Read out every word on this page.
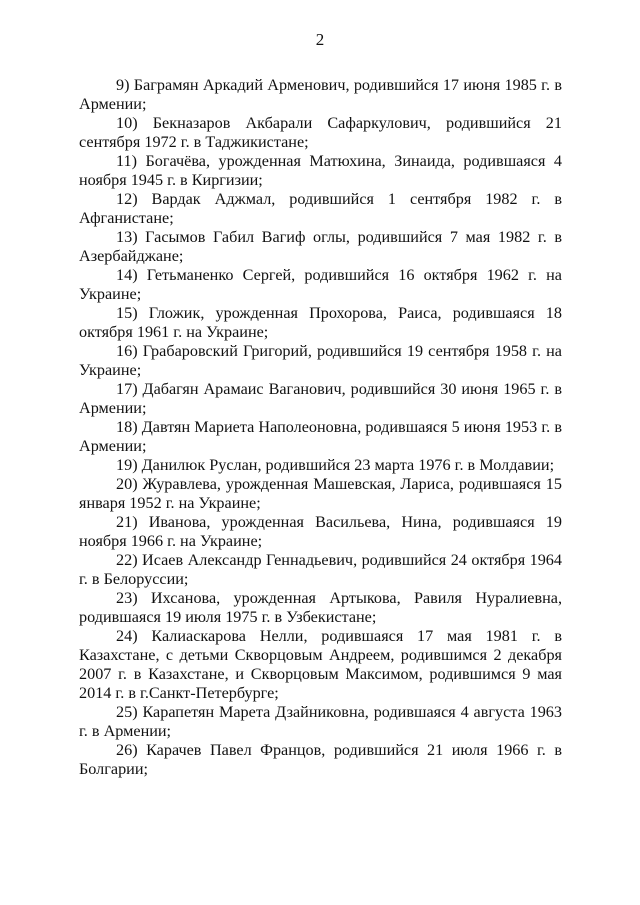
2

9) Баграмян Аркадий Арменович, родившийся 17 июня 1985 г. в Армении;

10) Бекназаров Акбарали Сафаркулович, родившийся 21 сентября 1972 г. в Таджикистане;

11) Богачёва, урожденная Матюхина, Зинаида, родившаяся 4 ноября 1945 г. в Киргизии;

12) Вардак Аджмал, родившийся 1 сентября 1982 г. в Афганистане;

13) Гасымов Габил Вагиф оглы, родившийся 7 мая 1982 г. в Азербайджане;

14) Гетьманенко Сергей, родившийся 16 октября 1962 г. на Украине;

15) Гложик, урожденная Прохорова, Раиса, родившаяся 18 октября 1961 г. на Украине;

16) Грабаровский Григорий, родившийся 19 сентября 1958 г. на Украине;

17) Дабагян Арамаис Ваганович, родившийся 30 июня 1965 г. в Армении;

18) Давтян Мариета Наполеоновна, родившаяся 5 июня 1953 г. в Армении;

19) Данилюк Руслан, родившийся 23 марта 1976 г. в Молдавии;

20) Журавлева, урожденная Машевская, Лариса, родившаяся 15 января 1952 г. на Украине;

21) Иванова, урожденная Васильева, Нина, родившаяся 19 ноября 1966 г. на Украине;

22) Исаев Александр Геннадьевич, родившийся 24 октября 1964 г. в Белоруссии;

23) Ихсанова, урожденная Артыкова, Равиля Нуралиевна, родившаяся 19 июля 1975 г. в Узбекистане;

24) Калиаскарова Нелли, родившаяся 17 мая 1981 г. в Казахстане, с детьми Скворцовым Андреем, родившимся 2 декабря 2007 г. в Казахстане, и Скворцовым Максимом, родившимся 9 мая 2014 г. в г.Санкт-Петербурге;

25) Карапетян Марета Дзайниковна, родившаяся 4 августа 1963 г. в Армении;

26) Карачев Павел Францов, родившийся 21 июля 1966 г. в Болгарии;
